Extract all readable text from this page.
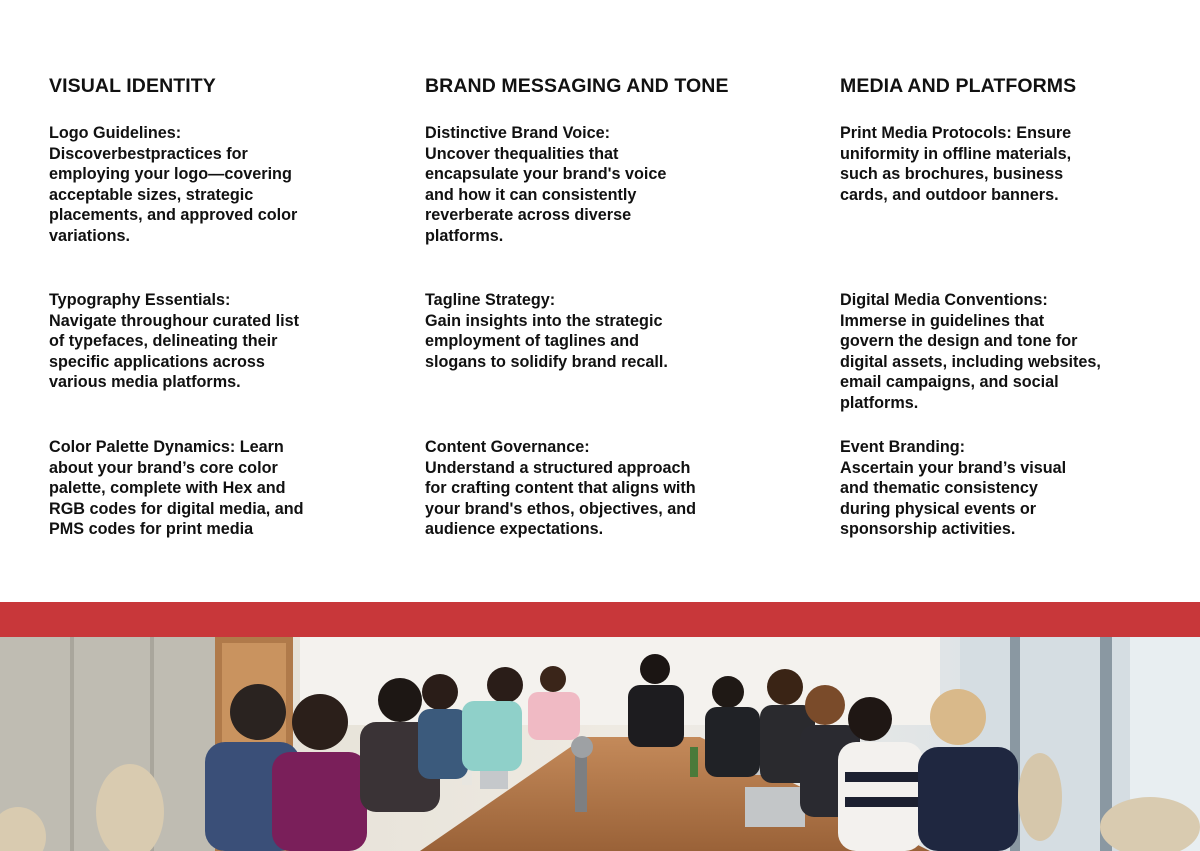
VISUAL IDENTITY

Logo Guidelines:

Discoverbestpractices for
employing your logo—covering
acceptable sizes, strategic
placements, and approved color
variations.

Typography Essentials:

Navigate throughour curated list
of typefaces, delineating their
specific applications across
various media platforms.

Color Palette Dynamics: Learn
about your brand’s core color
palette, complete with Hex and
RGB codes for digital media, and
PMS codes for print media

BRAND MESSAGING AND TONE

Distinctive Brand Voice:

Uncover thequalities that
encapsulate your brand's voice
and how it can consistently
reverberate across diverse
platforms.

Tagline Strategy:

Gain insights into the strategic
employment of taglines and
slogans to solidify brand recall.

Content Governance:

Understand a structured approach
for crafting content that aligns with
your brand's ethos, objectives, and
audience expectations.

MEDIA AND PLATFORMS

Print Media Protocols: Ensure
uniformity in offline materials,
such as brochures, business
cards, and outdoor banners.

Digital Media Conventions:

Immerse in guidelines that
govern the design and tone for
digital assets, including websites,
email campaigns, and social
platforms.

Event Branding:

Ascertain your brand’s visual
and thematic consistency
during physical events or
sponsorship activities.
